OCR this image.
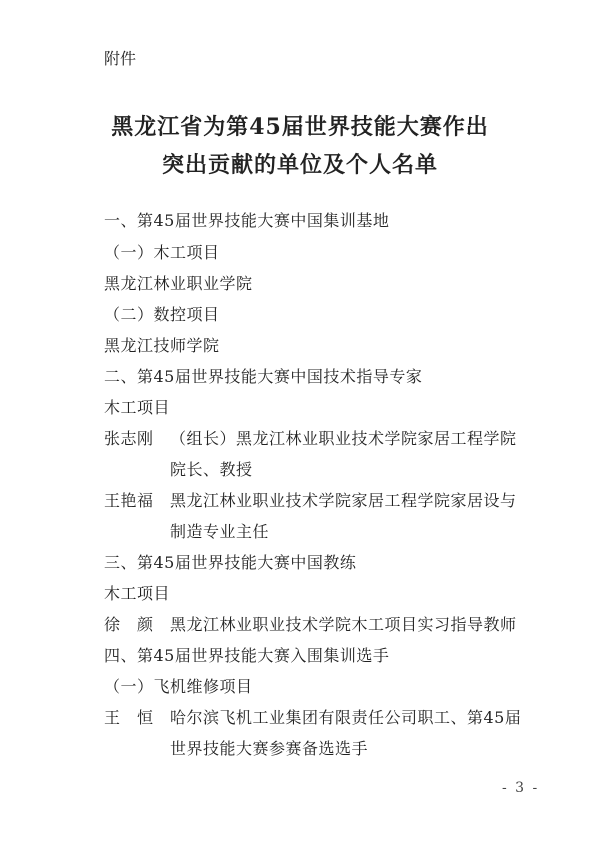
附件
黑龙江省为第45届世界技能大赛作出
突出贡献的单位及个人名单
一、第45届世界技能大赛中国集训基地
（一）木工项目
黑龙江林业职业学院
（二）数控项目
黑龙江技师学院
二、第45届世界技能大赛中国技术指导专家
木工项目
张志刚 （组长）黑龙江林业职业技术学院家居工程学院
院长、教授
王艳福 黑龙江林业职业技术学院家居工程学院家居设与
制造专业主任
三、第45届世界技能大赛中国教练
木工项目
徐　颜 黑龙江林业职业技术学院木工项目实习指导教师
四、第45届世界技能大赛入围集训选手
（一）飞机维修项目
王　恒 哈尔滨飞机工业集团有限责任公司职工、第45届
世界技能大赛参赛备选选手
- 3 -
